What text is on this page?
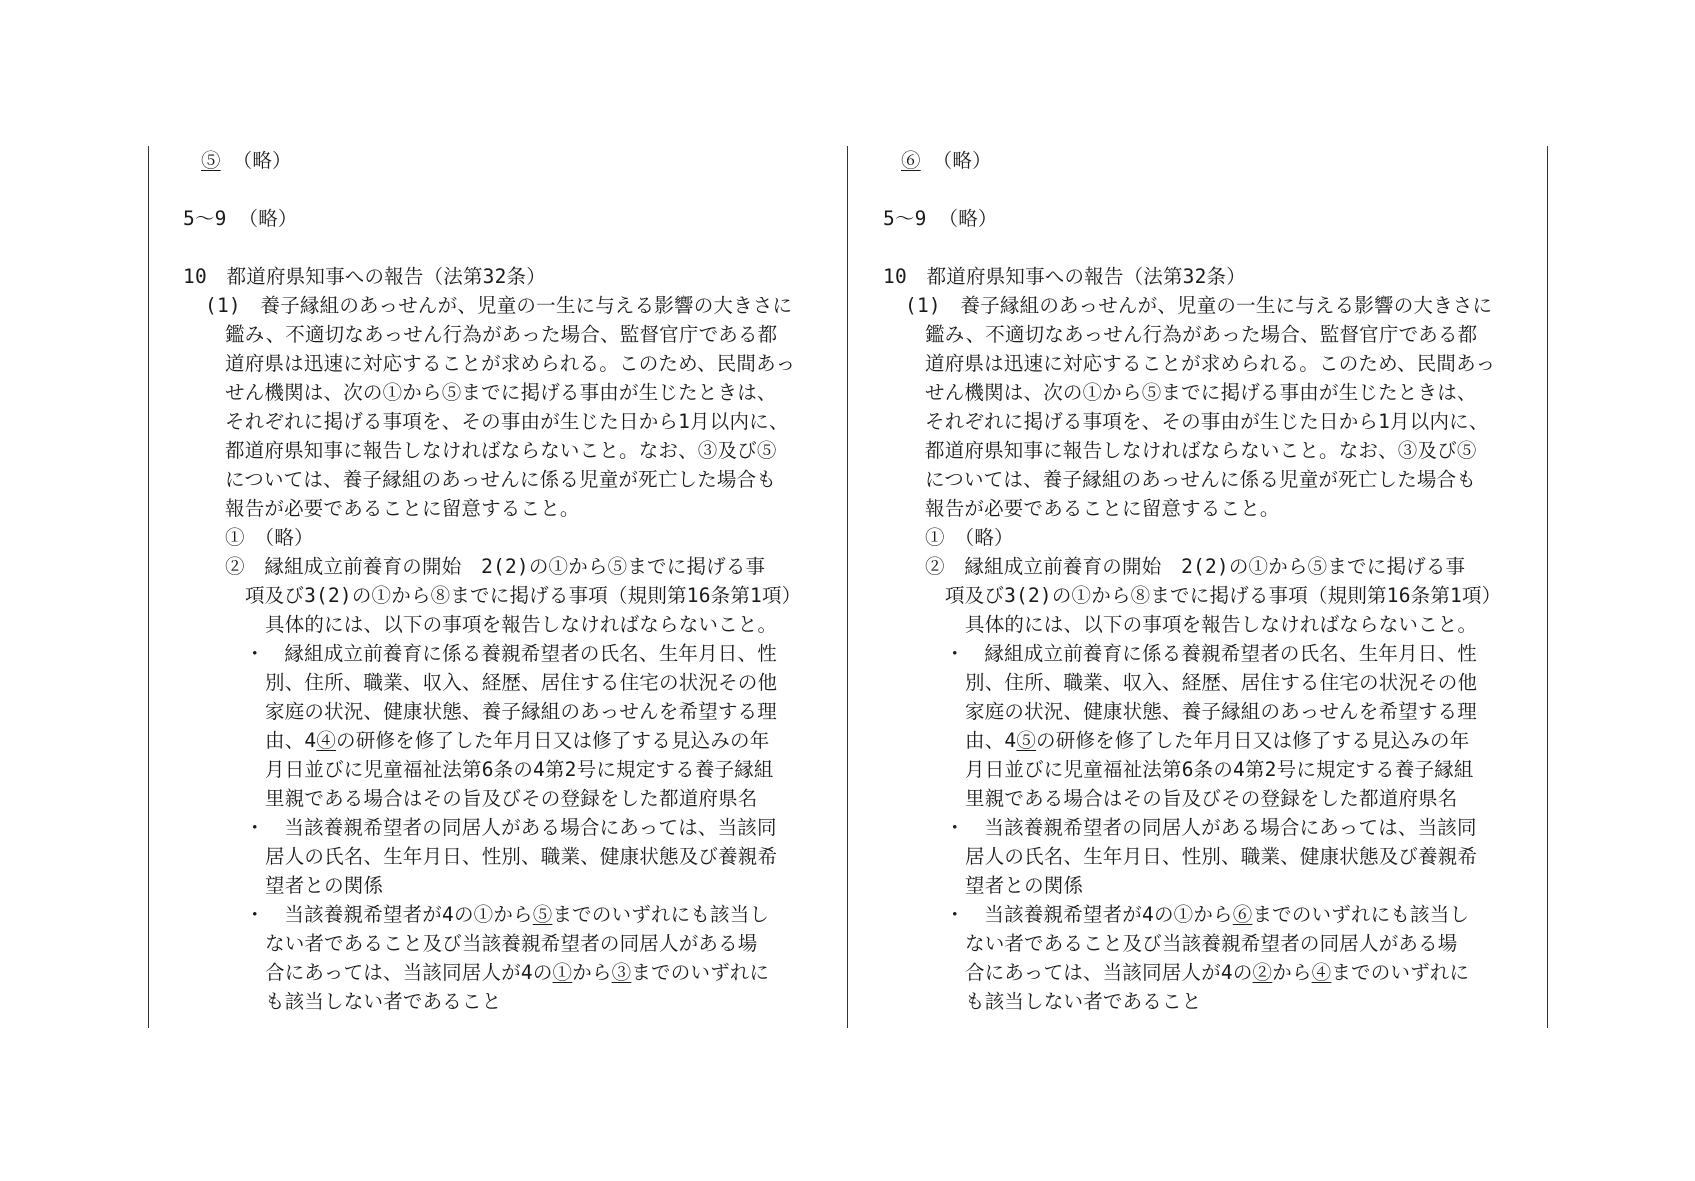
⑤ （略）
5～9 （略）
10　都道府県知事への報告（法第32条）
(1)　養子縁組のあっせんが、児童の一生に与える影響の大きさに
鑑み、不適切なあっせん行為があった場合、監督官庁である都
道府県は迅速に対応することが求められる。このため、民間あっ
せん機関は、次の①から⑤までに掲げる事由が生じたときは、
それぞれに掲げる事項を、その事由が生じた日から1月以内に、
都道府県知事に報告しなければならないこと。なお、③及び⑤
については、養子縁組のあっせんに係る児童が死亡した場合も
報告が必要であることに留意すること。
①　（略）
②　縁組成立前養育の開始　2(2)の①から⑤までに掲げる事
項及び3(2)の①から⑧までに掲げる事項（規則第16条第1項）
具体的には、以下の事項を報告しなければならないこと。
・　縁組成立前養育に係る養親希望者の氏名、生年月日、性
別、住所、職業、収入、経歴、居住する住宅の状況その他
家庭の状況、健康状態、養子縁組のあっせんを希望する理
由、4④の研修を修了した年月日又は修了する見込みの年
月日並びに児童福祉法第6条の4第2号に規定する養子縁組
里親である場合はその旨及びその登録をした都道府県名
・　当該養親希望者の同居人がある場合にあっては、当該同
居人の氏名、生年月日、性別、職業、健康状態及び養親希
望者との関係
・　当該養親希望者が4の①から⑤までのいずれにも該当し
ない者であること及び当該養親希望者の同居人がある場
合にあっては、当該同居人が4の①から③までのいずれに
も該当しない者であること
⑥ （略）
5～9 （略）
10　都道府県知事への報告（法第32条）
(1)　養子縁組のあっせんが、児童の一生に与える影響の大きさに
鑑み、不適切なあっせん行為があった場合、監督官庁である都
道府県は迅速に対応することが求められる。このため、民間あっ
せん機関は、次の①から⑤までに掲げる事由が生じたときは、
それぞれに掲げる事項を、その事由が生じた日から1月以内に、
都道府県知事に報告しなければならないこと。なお、③及び⑤
については、養子縁組のあっせんに係る児童が死亡した場合も
報告が必要であることに留意すること。
①　（略）
②　縁組成立前養育の開始　2(2)の①から⑤までに掲げる事
項及び3(2)の①から⑧までに掲げる事項（規則第16条第1項）
具体的には、以下の事項を報告しなければならないこと。
・　縁組成立前養育に係る養親希望者の氏名、生年月日、性
別、住所、職業、収入、経歴、居住する住宅の状況その他
家庭の状況、健康状態、養子縁組のあっせんを希望する理
由、4⑤の研修を修了した年月日又は修了する見込みの年
月日並びに児童福祉法第6条の4第2号に規定する養子縁組
里親である場合はその旨及びその登録をした都道府県名
・　当該養親希望者の同居人がある場合にあっては、当該同
居人の氏名、生年月日、性別、職業、健康状態及び養親希
望者との関係
・　当該養親希望者が4の①から⑥までのいずれにも該当し
ない者であること及び当該養親希望者の同居人がある場
合にあっては、当該同居人が4の②から④までのいずれに
も該当しない者であること
